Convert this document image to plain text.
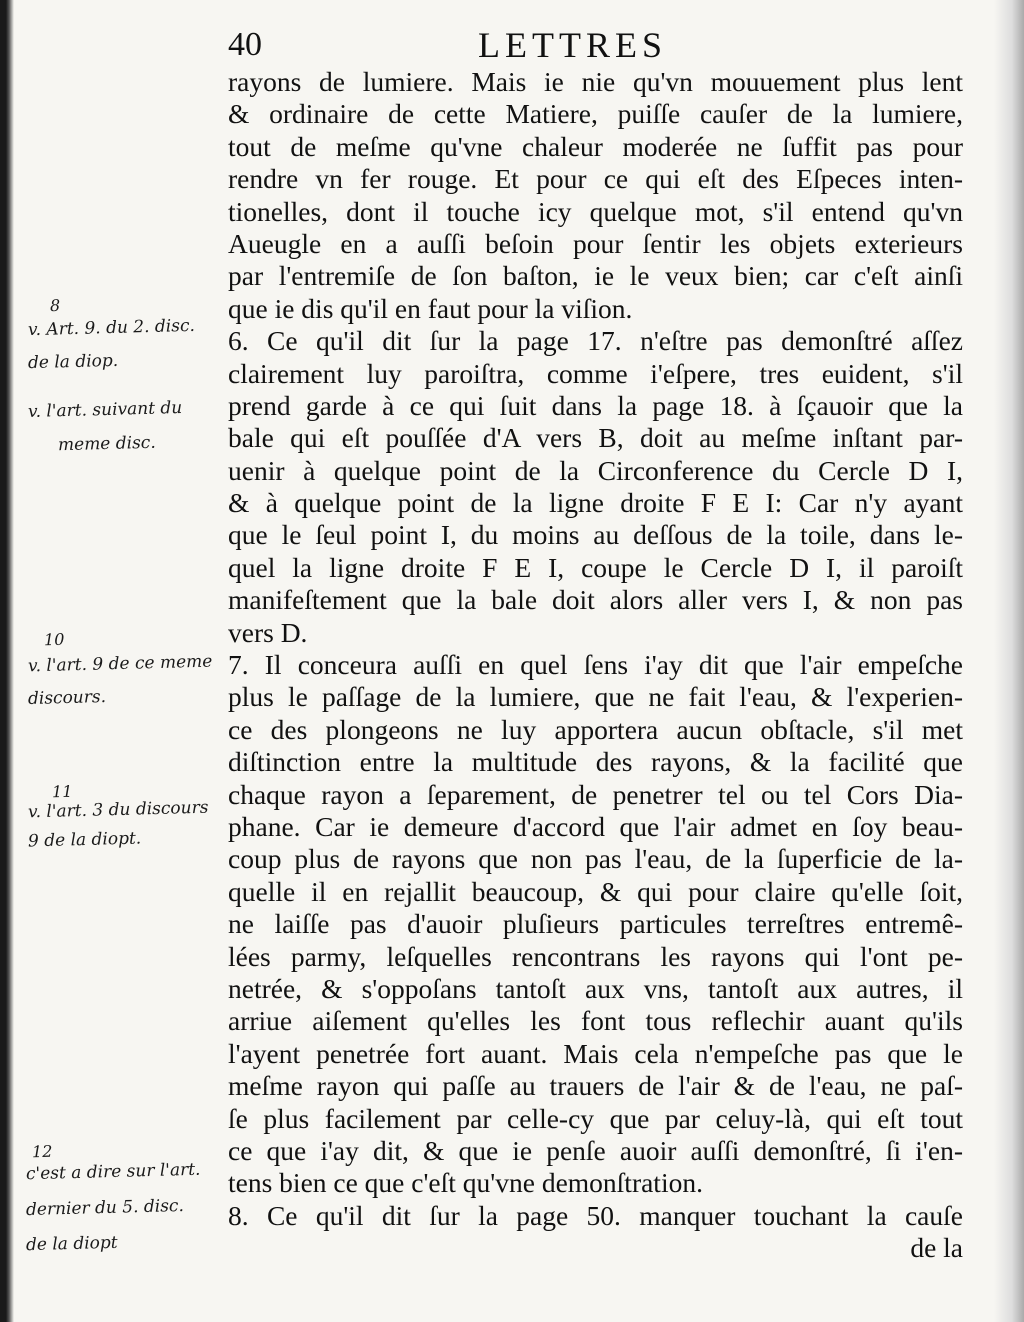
40	LETTRES
rayons de lumiere. Mais ie nie qu'vn mouuement plus lent
& ordinaire de cette Matiere, puiſſe cauſer de la lumiere,
tout de meſme qu'vne chaleur moderée ne ſuffit pas pour
rendre vn fer rouge. Et pour ce qui eſt des Eſpeces inten-
tionelles, dont il touche icy quelque mot, s'il entend qu'vn
Aueugle en a auſſi beſoin pour ſentir les objets exterieurs
par l'entremiſe de ſon baſton, ie le veux bien; car c'eſt ainſi
que ie dis qu'il en faut pour la viſion.
6. Ce qu'il dit ſur la page 17. n'eſtre pas demonſtré aſſez
clairement luy paroiſtra, comme i'eſpere, tres euident, s'il
prend garde à ce qui ſuit dans la page 18. à ſçauoir que la
bale qui eſt pouſſée d'A vers B, doit au meſme inſtant par-
uenir à quelque point de la Circonference du Cercle D I,
& à quelque point de la ligne droite F E I: Car n'y ayant
que le ſeul point I, du moins au deſſous de la toile, dans le-
quel la ligne droite F E I, coupe le Cercle D I, il paroiſt
manifeſtement que la bale doit alors aller vers I, & non pas
vers D.
7. Il conceura auſſi en quel ſens i'ay dit que l'air empeſche
plus le paſſage de la lumiere, que ne fait l'eau, & l'experien-
ce des plongeons ne luy apportera aucun obſtacle, s'il met
diſtinction entre la multitude des rayons, & la facilité que
chaque rayon a ſeparement, de penetrer tel ou tel Cors Dia-
phane. Car ie demeure d'accord que l'air admet en ſoy beau-
coup plus de rayons que non pas l'eau, de la ſuperficie de la-
quelle il en rejallit beaucoup, & qui pour claire qu'elle ſoit,
ne laiſſe pas d'auoir pluſieurs particules terreſtres entremê-
lées parmy, leſquelles rencontrans les rayons qui l'ont pe-
netrée, & s'oppoſans tantoſt aux vns, tantoſt aux autres, il
arriue aiſement qu'elles les font tous reflechir auant qu'ils
l'ayent penetrée fort auant. Mais cela n'empeſche pas que le
meſme rayon qui paſſe au trauers de l'air & de l'eau, ne paſ-
ſe plus facilement par celle-cy que par celuy-là, qui eſt tout
ce que i'ay dit, & que ie penſe auoir auſſi demonſtré, ſi i'en-
tens bien ce que c'eſt qu'vne demonſtration.
8. Ce qu'il dit ſur la page 50. manquer touchant la cauſe
de la
8
v. Art. 9. du 2. disc.
de la diop.
v. l'art. suivant du
meme disc.
10
v. l'art. 9 de ce meme
discours.
11
v. l'art. 3 du discours
9 de la diopt.
12
c'est a dire sur l'art.
dernier du 5. disc.
de la diopt
